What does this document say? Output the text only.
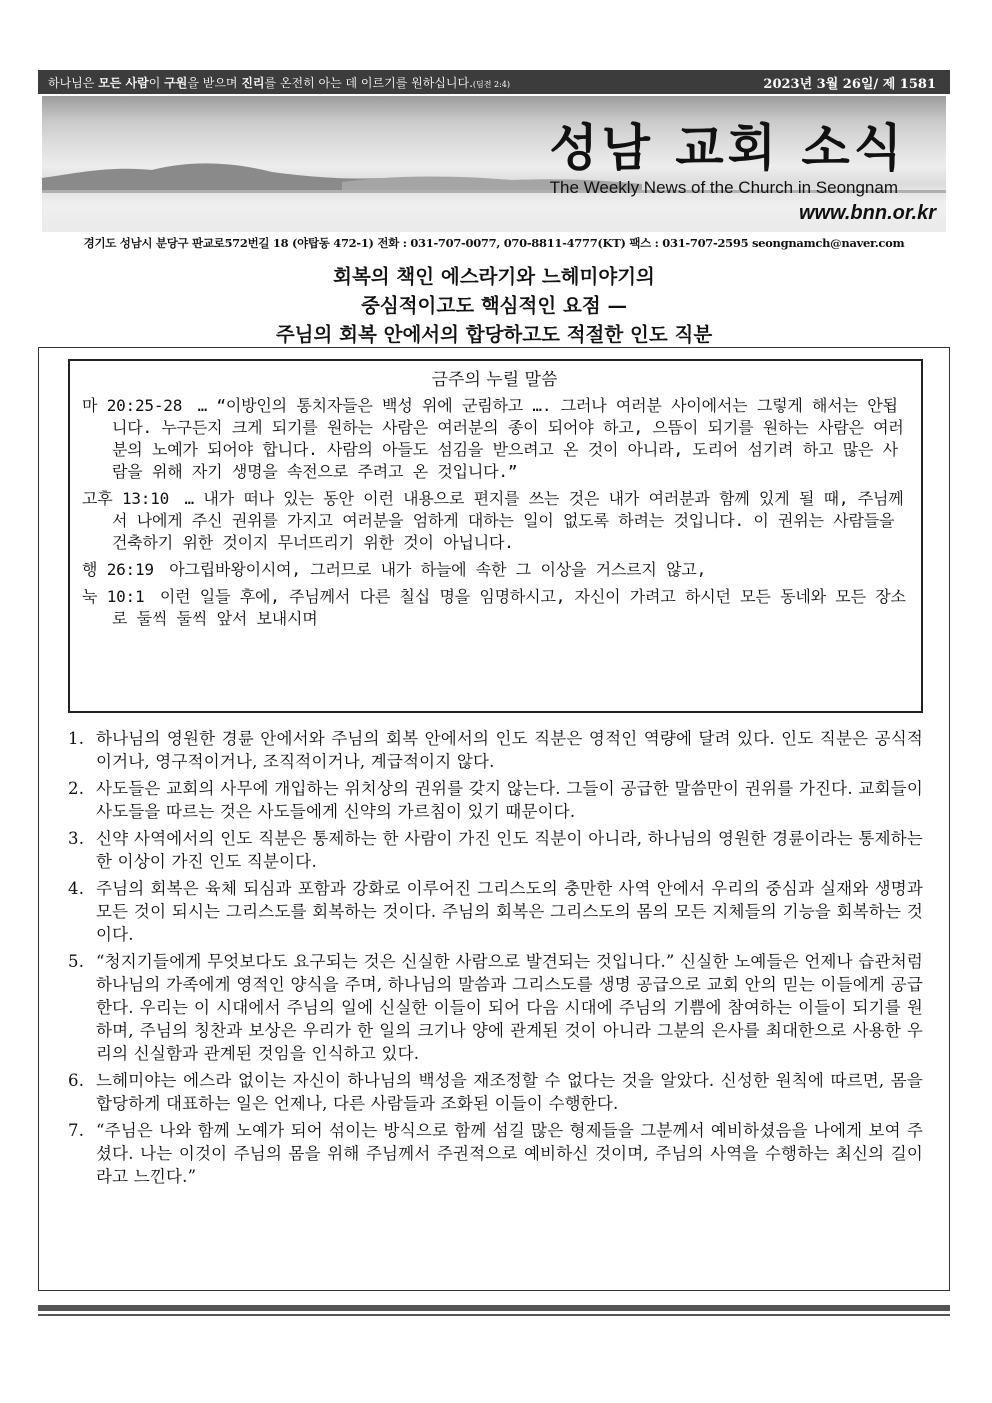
하나님은 모든 사람이 구원을 받으며 진리를 온전히 아는 데 이르기를 원하십니다.(딤전 2:4)	2023년 3월 26일/ 제 1581
성남 교회 소식
The Weekly News of the Church in Seongnam
www.bnn.or.kr
경기도 성남시 분당구 판교로572번길 18 (야탑동 472-1) 전화 : 031-707-0077, 070-8811-4777(KT) 팩스 : 031-707-2595 seongnamch@naver.com
회복의 책인 에스라기와 느헤미야기의
중심적이고도 핵심적인 요점 —
주님의 회복 안에서의 합당하고도 적절한 인도 직분
금주의 누릴 말씀
마 20:25-28 … “이방인의 통치자들은 백성 위에 군림하고 …. 그러나 여러분 사이에서는 그렇게 해서는 안됩니다. 누구든지 크게 되기를 원하는 사람은 여러분의 종이 되어야 하고, 으뜸이 되기를 원하는 사람은 여러분의 노예가 되어야 합니다. 사람의 아들도 섬김을 받으려고 온 것이 아니라, 도리어 섬기려 하고 많은 사람을 위해 자기 생명을 속전으로 주려고 온 것입니다.”
고후 13:10 … 내가 떠나 있는 동안 이런 내용으로 편지를 쓰는 것은 내가 여러분과 함께 있게 될 때, 주님께서 나에게 주신 권위를 가지고 여러분을 엄하게 대하는 일이 없도록 하려는 것입니다. 이 권위는 사람들을 건축하기 위한 것이지 무너뜨리기 위한 것이 아닙니다.
행 26:19 아그립바왕이시여, 그러므로 내가 하늘에 속한 그 이상을 거스르지 않고,
눅 10:1 이런 일들 후에, 주님께서 다른 칠십 명을 임명하시고, 자신이 가려고 하시던 모든 동네와 모든 장소로 둘씩 둘씩 앞서 보내시며
1. 하나님의 영원한 경륜 안에서와 주님의 회복 안에서의 인도 직분은 영적인 역량에 달려 있다. 인도 직분은 공식적이거나, 영구적이거나, 조직적이거나, 계급적이지 않다.
2. 사도들은 교회의 사무에 개입하는 위치상의 권위를 갖지 않는다. 그들이 공급한 말씀만이 권위를 가진다. 교회들이 사도들을 따르는 것은 사도들에게 신약의 가르침이 있기 때문이다.
3. 신약 사역에서의 인도 직분은 통제하는 한 사람이 가진 인도 직분이 아니라, 하나님의 영원한 경륜이라는 통제하는 한 이상이 가진 인도 직분이다.
4. 주님의 회복은 육체 되심과 포함과 강화로 이루어진 그리스도의 충만한 사역 안에서 우리의 중심과 실재와 생명과 모든 것이 되시는 그리스도를 회복하는 것이다. 주님의 회복은 그리스도의 몸의 모든 지체들의 기능을 회복하는 것이다.
5. “청지기들에게 무엇보다도 요구되는 것은 신실한 사람으로 발견되는 것입니다.” 신실한 노예들은 언제나 습관처럼 하나님의 가족에게 영적인 양식을 주며, 하나님의 말씀과 그리스도를 생명 공급으로 교회 안의 믿는 이들에게 공급한다. 우리는 이 시대에서 주님의 일에 신실한 이들이 되어 다음 시대에 주님의 기쁨에 참여하는 이들이 되기를 원하며, 주님의 칭찬과 보상은 우리가 한 일의 크기나 양에 관계된 것이 아니라 그분의 은사를 최대한으로 사용한 우리의 신실함과 관계된 것임을 인식하고 있다.
6. 느헤미야는 에스라 없이는 자신이 하나님의 백성을 재조정할 수 없다는 것을 알았다. 신성한 원칙에 따르면, 몸을 합당하게 대표하는 일은 언제나, 다른 사람들과 조화된 이들이 수행한다.
7. “주님은 나와 함께 노예가 되어 섞이는 방식으로 함께 섬길 많은 형제들을 그분께서 예비하셨음을 나에게 보여 주셨다. 나는 이것이 주님의 몸을 위해 주님께서 주권적으로 예비하신 것이며, 주님의 사역을 수행하는 최신의 길이라고 느낀다.”
